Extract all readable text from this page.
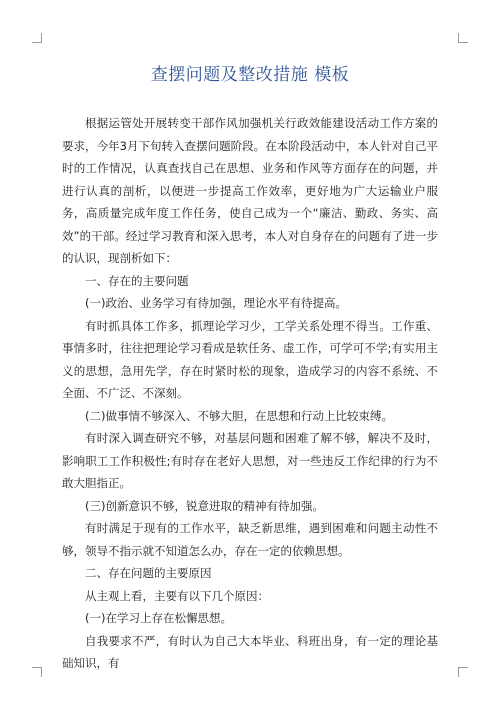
查摆问题及整改措施 模板

根据运管处开展转变干部作风加强机关行政效能建设活动工作方案的要求，今年3月下旬转入查摆问题阶段。在本阶段活动中，本人针对自己平时的工作情况，认真查找自己在思想、业务和作风等方面存在的问题，并进行认真的剖析，以便进一步提高工作效率，更好地为广大运输业户服务，高质量完成年度工作任务，使自己成为一个“廉洁、勤政、务实、高效”的干部。经过学习教育和深入思考，本人对自身存在的问题有了进一步的认识，现剖析如下：

一、存在的主要问题

(一)政治、业务学习有待加强，理论水平有待提高。

有时抓具体工作多，抓理论学习少，工学关系处理不得当。工作重、事情多时，往往把理论学习看成是软任务、虚工作，可学可不学;有实用主义的思想，急用先学，存在时紧时松的现象，造成学习的内容不系统、不全面、不广泛、不深刻。

(二)做事情不够深入、不够大胆，在思想和行动上比较束缚。

有时深入调查研究不够，对基层问题和困难了解不够，解决不及时，影响职工工作积极性;有时存在老好人思想，对一些违反工作纪律的行为不敢大胆指正。

(三)创新意识不够，锐意进取的精神有待加强。

有时满足于现有的工作水平，缺乏新思维，遇到困难和问题主动性不够，领导不指示就不知道怎么办，存在一定的依赖思想。

二、存在问题的主要原因

从主观上看，主要有以下几个原因：

(一)在学习上存在松懈思想。

自我要求不严，有时认为自己大本毕业、科班出身，有一定的理论基础知识，有
